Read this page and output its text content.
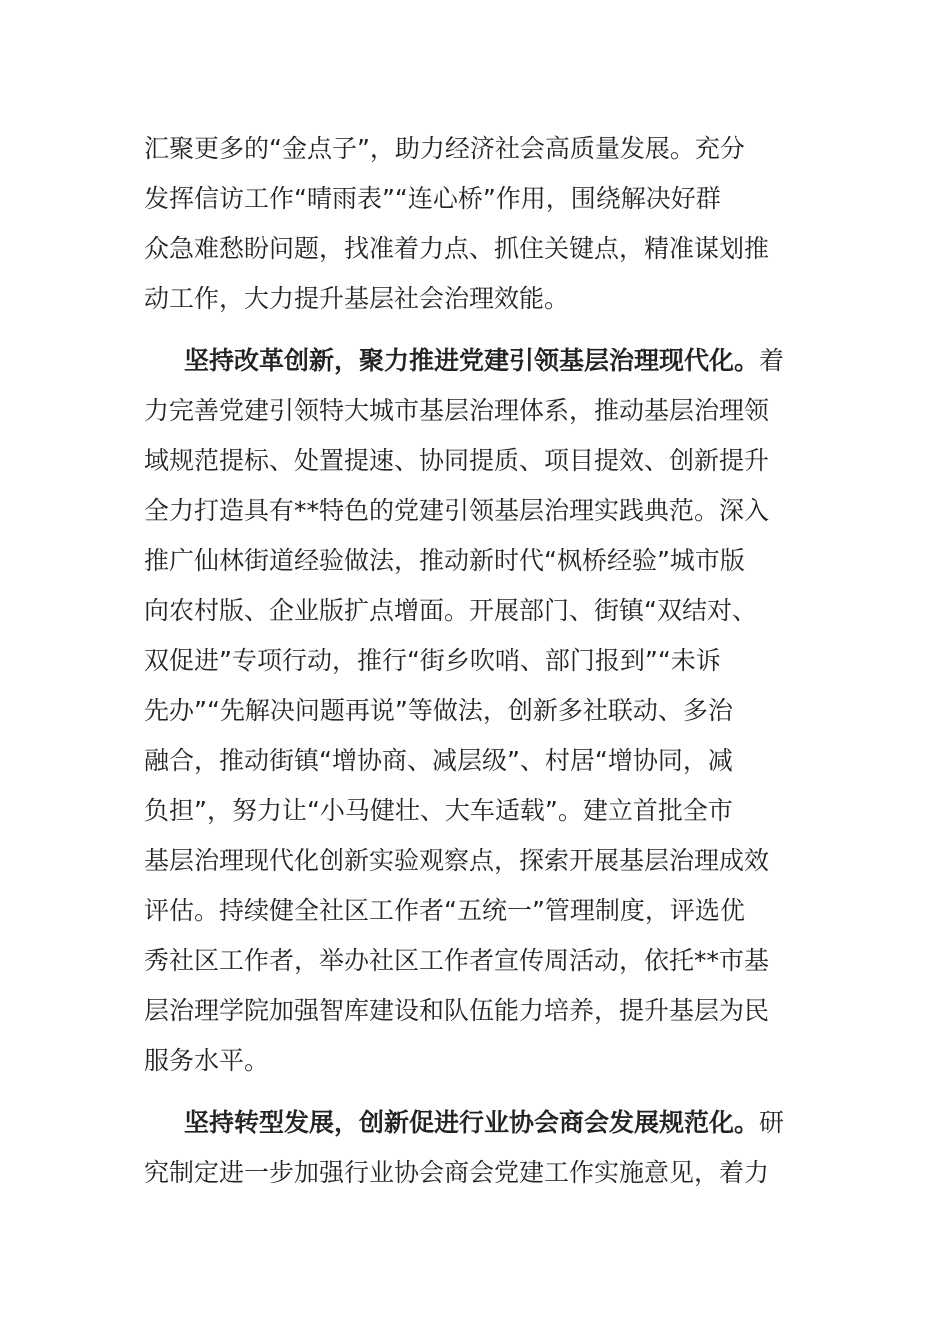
汇聚更多的“金点子”，助力经济社会高质量发展。充分
发挥信访工作“晴雨表”“连心桥”作用，围绕解决好群
众急难愁盼问题，找准着力点、抓住关键点，精准谋划推
动工作，大力提升基层社会治理效能。
坚持改革创新，聚力推进党建引领基层治理现代化。着
力完善党建引领特大城市基层治理体系，推动基层治理领
域规范提标、处置提速、协同提质、项目提效、创新提升
全力打造具有**特色的党建引领基层治理实践典范。深入
推广仙林街道经验做法，推动新时代“枫桥经验”城市版
向农村版、企业版扩点增面。开展部门、街镇“双结对、
双促进”专项行动，推行“街乡吹哨、部门报到”“未诉
先办”“先解决问题再说”等做法，创新多社联动、多治
融合，推动街镇“增协商、减层级”、村居“增协同，减
负担”，努力让“小马健壮、大车适载”。建立首批全市
基层治理现代化创新实验观察点，探索开展基层治理成效
评估。持续健全社区工作者“五统一”管理制度，评选优
秀社区工作者，举办社区工作者宣传周活动，依托**市基
层治理学院加强智库建设和队伍能力培养，提升基层为民
服务水平。
坚持转型发展，创新促进行业协会商会发展规范化。研
究制定进一步加强行业协会商会党建工作实施意见，着力
